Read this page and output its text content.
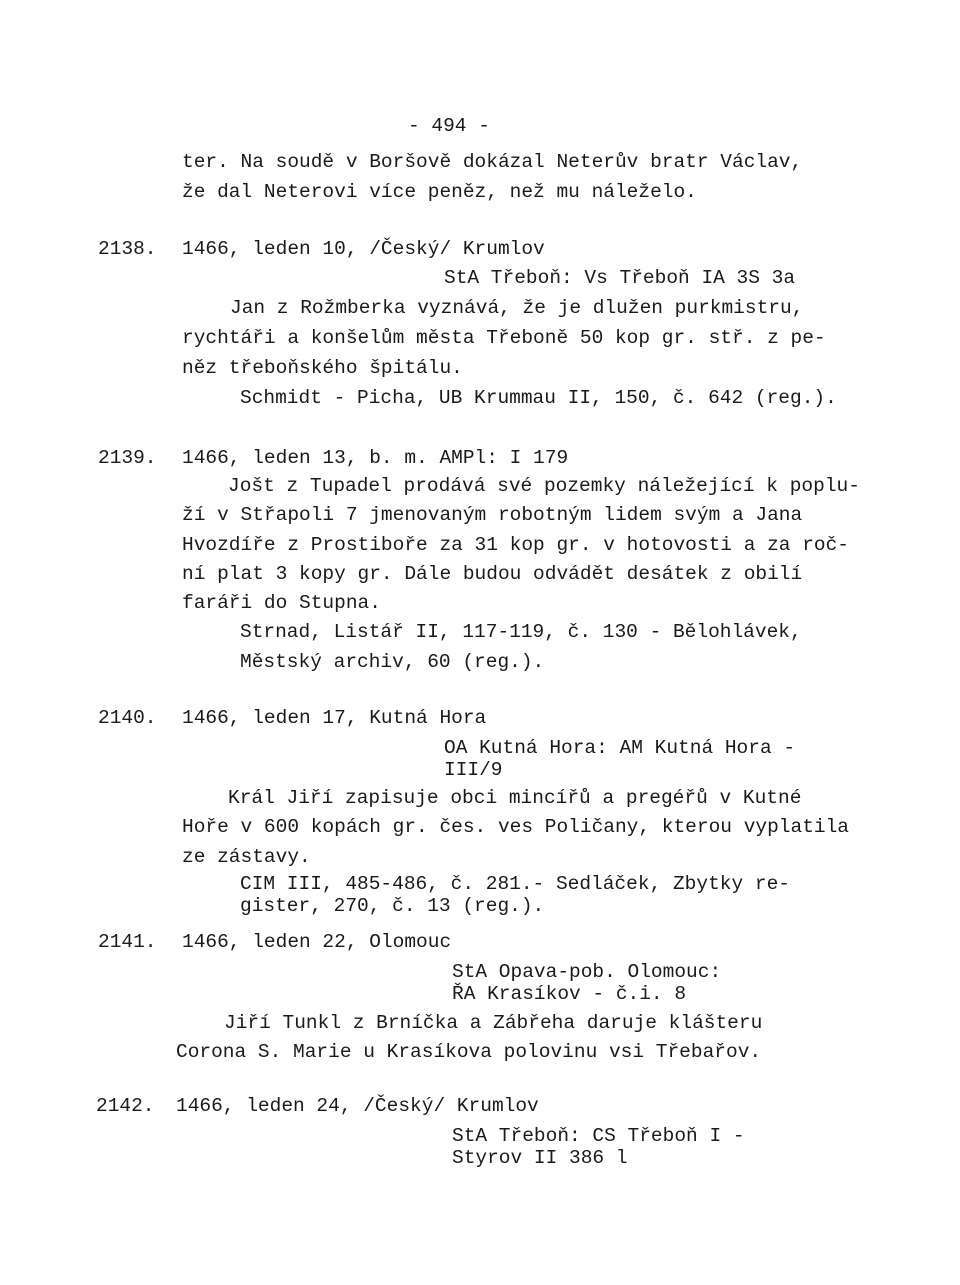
- 494 -
ter. Na soudě v Boršově dokázal Neterův bratr Václav,
že dal Neterovi více peněz, než mu náleželo.
2138. 1466, leden 10, /Český/ Krumlov
StA Třeboň: Vs Třeboň IA 3S 3a
Jan z Rožmberka vyznává, že je dlužen purkmistru,
rychtáři a konšelům města Třeboně 50 kop gr. stř. z pe-
něz třeboňského špitálu.
Schmidt - Picha, UB Krummau II, 150, č. 642 (reg.).
2139. 1466, leden 13, b. m. AMPl: I 179
Jošt z Tupadel prodává své pozemky náležející k poplu-
ží v Střapoli 7 jmenovaným robotným lidem svým a Jana
Hvozdíře z Prostiboře za 31 kop gr. v hotovosti a za roč-
ní plat 3 kopy gr. Dále budou odvádět desátek z obilí
faráři do Stupna.
Strnad, Listář II, 117-119, č. 130 - Bělohlávek,
Městský archiv, 60 (reg.).
2140. 1466, leden 17, Kutná Hora
OA Kutná Hora: AM Kutná Hora -
III/9
Král Jiří zapisuje obci mincířů a pregéřů v Kutné
Hoře v 600 kopách gr. čes. ves Poličany, kterou vyplatila
ze zástavy.
CIM III, 485-486, č. 281.- Sedláček, Zbytky re-
gister, 270, č. 13 (reg.).
2141. 1466, leden 22, Olomouc
StA Opava-pob. Olomouc:
ŘA Krasíkov - č.i. 8
Jiří Tunkl z Brníčka a Zábřeha daruje klášteru
Corona S. Marie u Krasíkova polovinu vsi Třebařov.
2142. 1466, leden 24, /Český/ Krumlov
StA Třeboň: CS Třeboň I -
Styrov II 386 l
